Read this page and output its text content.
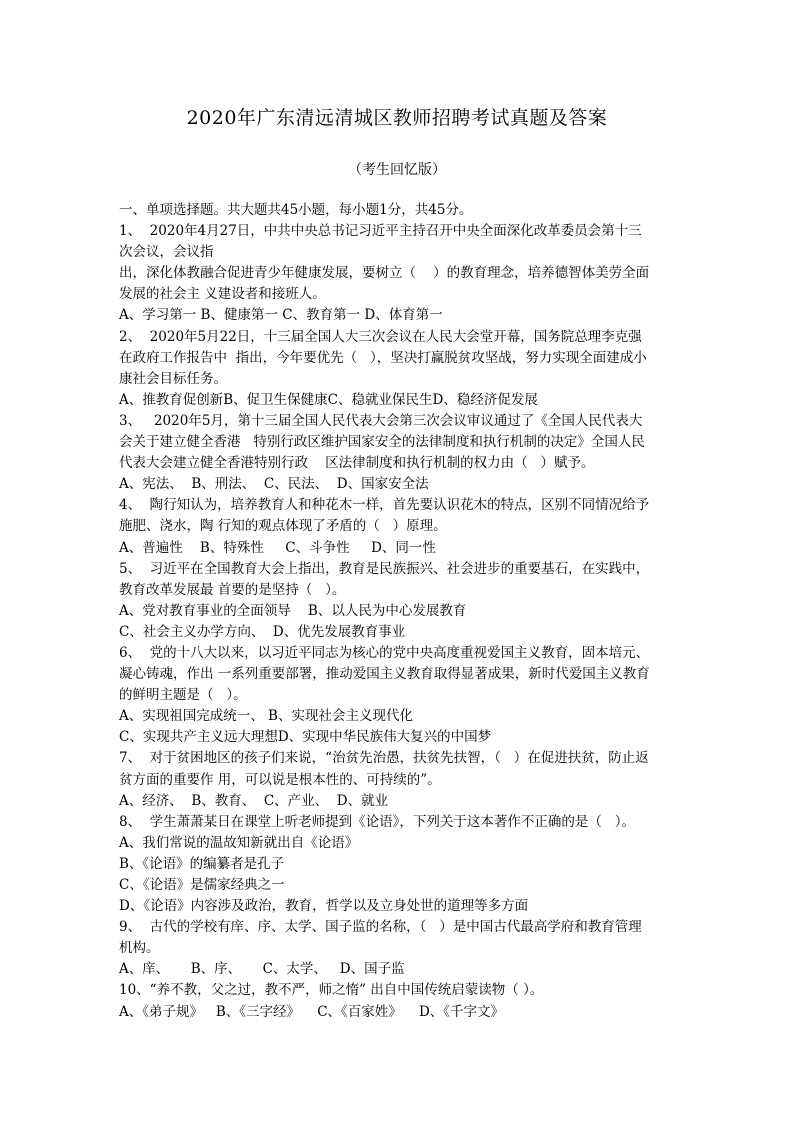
2020年广东清远清城区教师招聘考试真题及答案
（考生回忆版）
一、单项选择题。共大题共45小题，每小题1分，共45分。
1、  2020年4月27日，中共中央总书记习近平主持召开中央全面深化改革委员会第十三
次会议，会议指
出，深化体教融合促进青少年健康发展，要树立（    ）的教育理念，培养德智体美劳全面
发展的社会主 义建设者和接班人。
A、学习第一 B、健康第一 C、教育第一 D、体育第一
2、  2020年5月22日，十三届全国人大三次会议在人民大会堂开幕，国务院总理李克强
在政府工作报告中  指出，今年要优先（   ），坚决打赢脱贫攻坚战，努力实现全面建成小
康社会目标任务。
A、推教育促创新B、促卫生保健康C、稳就业保民生D、稳经济促发展
3、   2020年5月，第十三届全国人民代表大会第三次会议审议通过了《全国人民代表大
会关于建立健全香港   特别行政区维护国家安全的法律制度和执行机制的决定》全国人民
代表大会建立健全香港特别行政    区法律制度和执行机制的权力由（   ）赋予。
A、宪法、  B、刑法、  C、民法、  D、国家安全法
4、  陶行知认为，培养教育人和种花木一样，首先要认识花木的特点，区别不同情况给予
施肥、浇水，陶 行知的观点体现了矛盾的（   ）原理。
A、普遍性    B、特殊性     C、斗争性     D、同一性
5、  习近平在全国教育大会上指出，教育是民族振兴、社会进步的重要基石，在实践中，
教育改革发展最 首要的是坚持（   ）。
A、党对教育事业的全面领导    B、以人民为中心发展教育
C、社会主义办学方向、  D、优先发展教育事业
6、  党的十八大以来，以习近平同志为核心的党中央高度重视爱国主义教育，固本培元、
凝心铸魂，作出 一系列重要部署，推动爱国主义教育取得显著成果，新时代爱国主义教育
的鲜明主题是（   ）。
A、实现祖国完成统一、 B、实现社会主义现代化
C、实现共产主义远大理想D、实现中华民族伟大复兴的中国梦
7、  对于贫困地区的孩子们来说，“治贫先治愚，扶贫先扶智，（   ）在促进扶贫，防止返
贫方面的重要作 用，可以说是根本性的、可持续的”。
A、经济、  B、教育、  C、产业、  D、就业
8、  学生萧萧某日在课堂上听老师提到《论语》，下列关于这本著作不正确的是（   ）。
A、我们常说的温故知新就出自《论语》
B、《论语》的编纂者是孔子
C、《论语》是儒家经典之一
D、《论语》内容涉及政治，教育，哲学以及立身处世的道理等多方面
9、  古代的学校有庠、序、太学、国子监的名称，（   ）是中国古代最高学府和教育管理
机构。
A、庠、     B、序、     C、太学、   D、国子监
10、“养不教，父之过，教不严，师之惰” 出自中国传统启蒙读物（ ）。
A、《弟子规》   B、《三字经》    C、《百家姓》    D、《千字文》
